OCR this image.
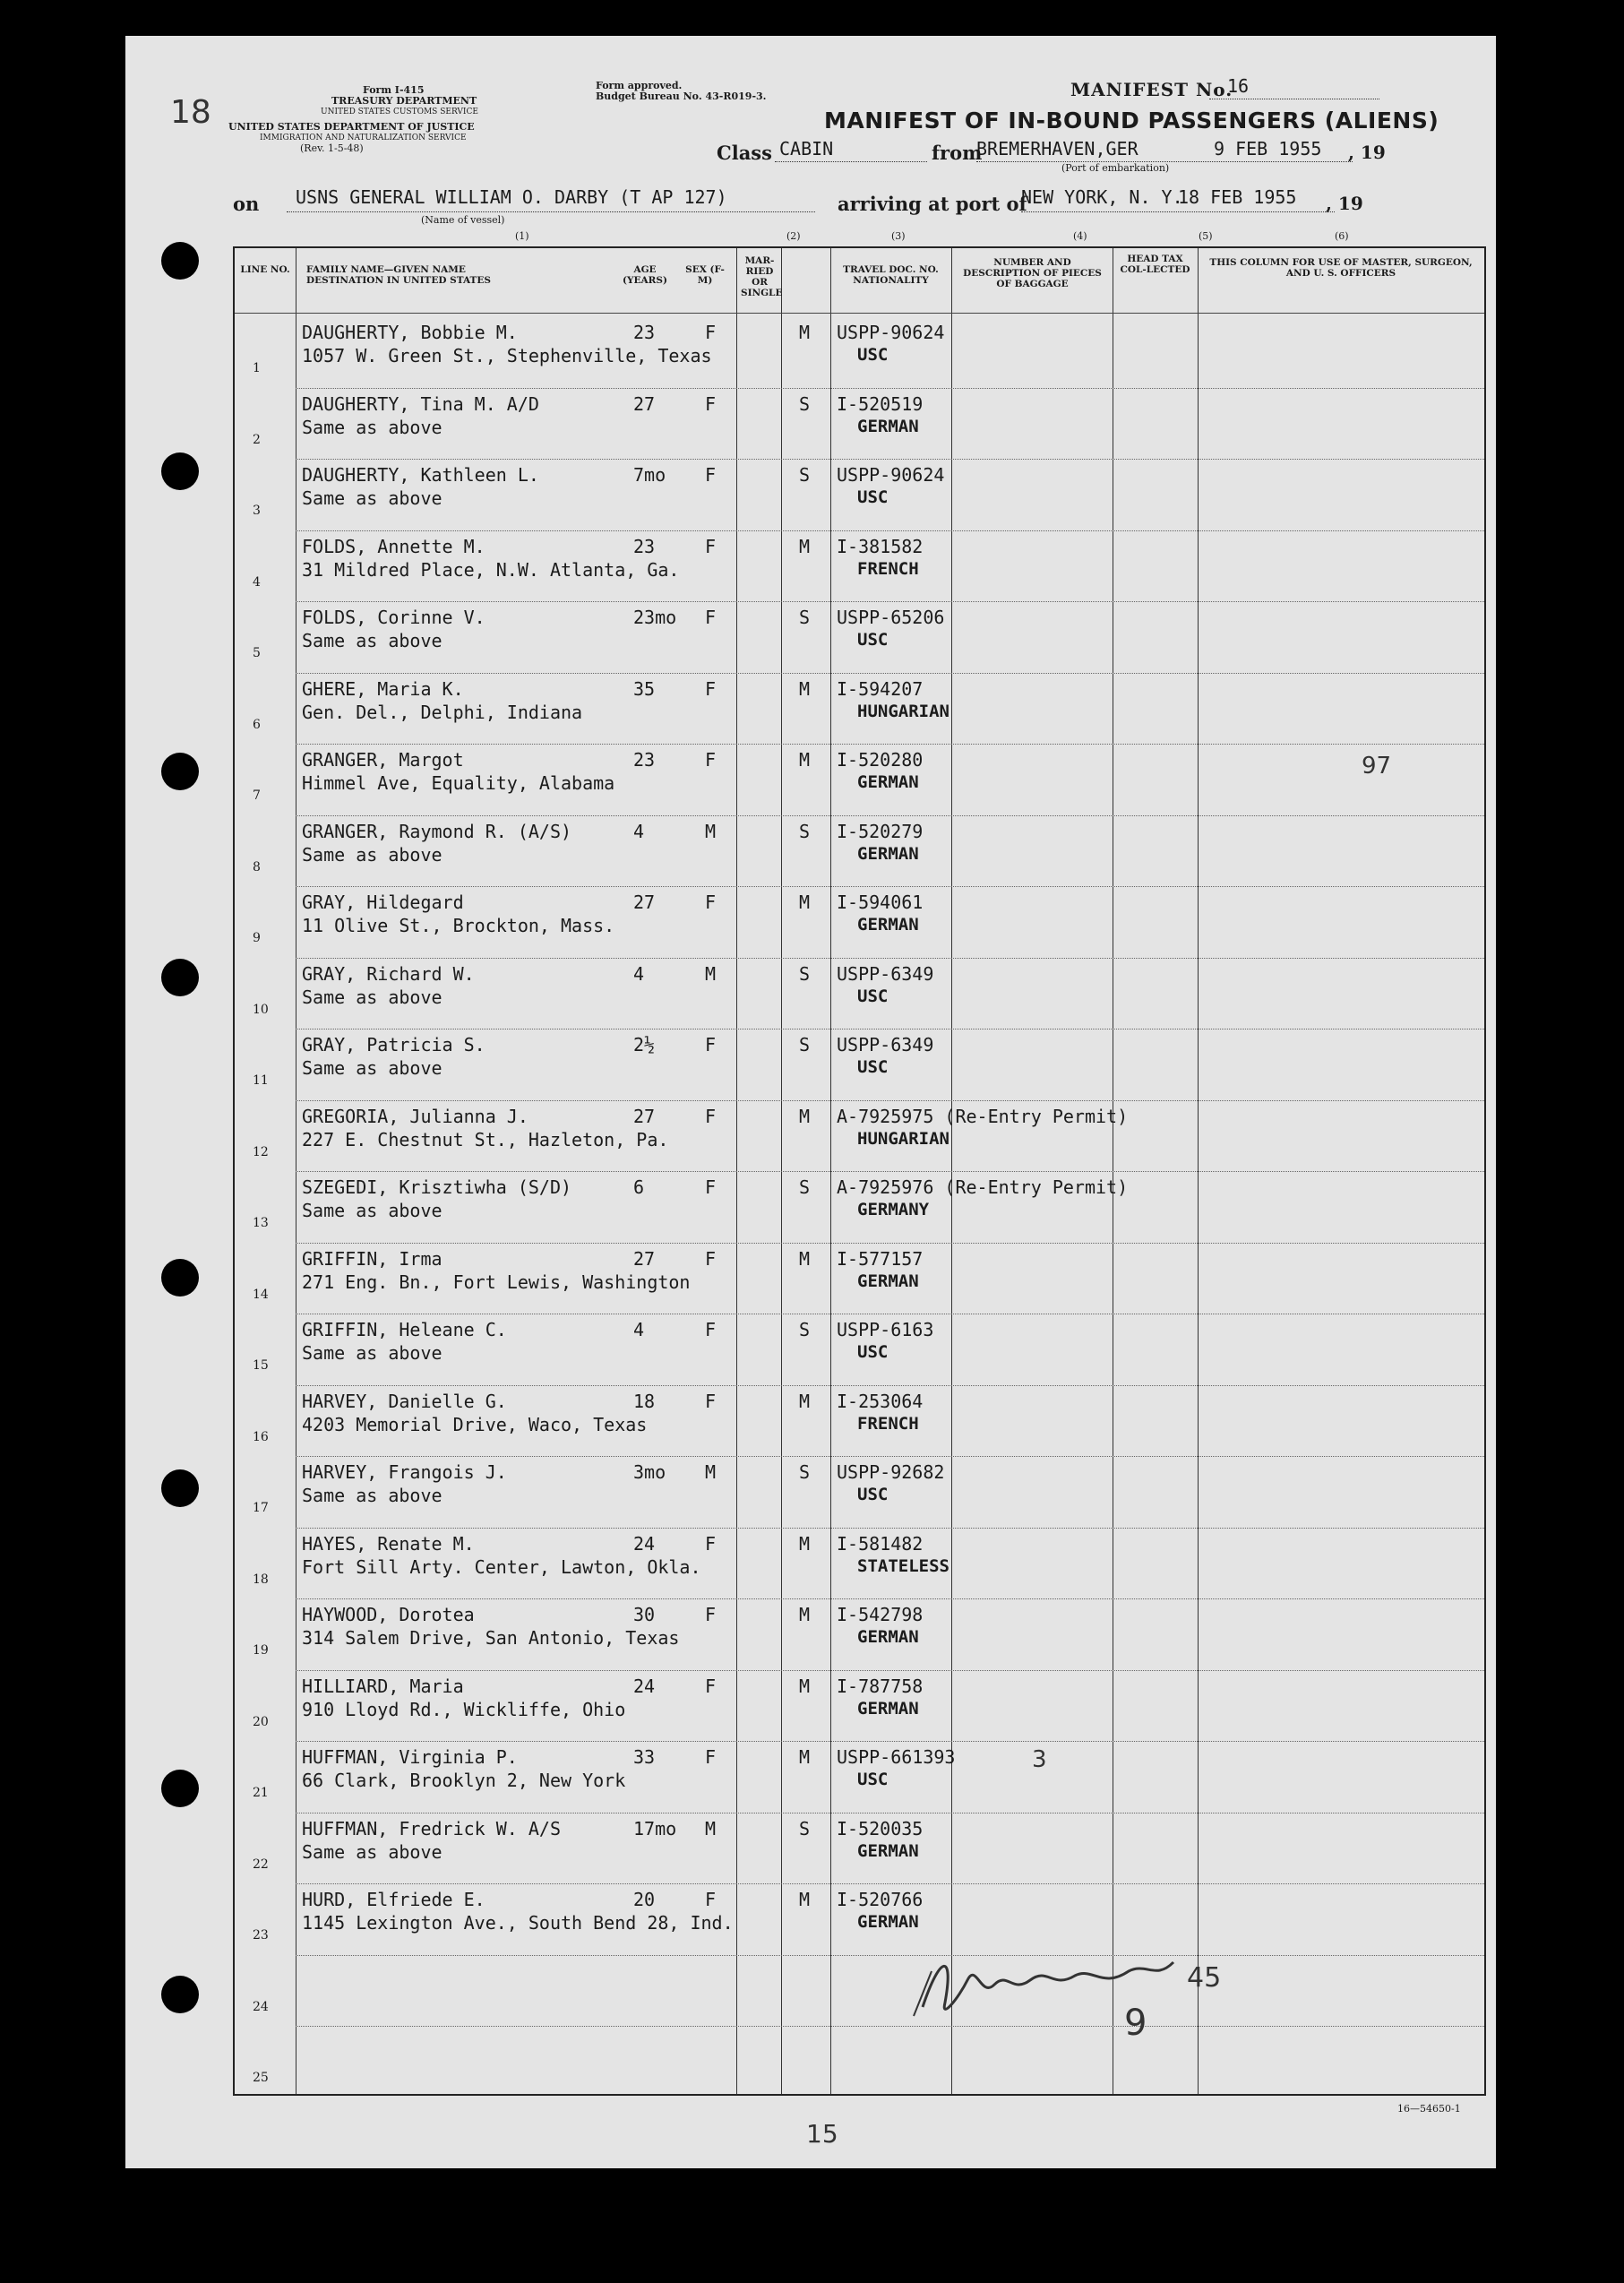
18
Form I-415
TREASURY DEPARTMENT
UNITED STATES CUSTOMS SERVICE
UNITED STATES DEPARTMENT OF JUSTICE
IMMIGRATION AND NATURALIZATION SERVICE
(Rev. 1-5-48)
Form approved.
Budget Bureau No. 43-R019-3.	MANIFEST No.
16
MANIFEST OF IN-BOUND PASSENGERS (ALIENS)
Class CABIN	from
BREMERHAVEN,GER	9 FEB 1955 , 19
(Port of embarkation)
on USNS GENERAL WILLIAM O. DARBY (T AP 127)
(Name of vessel)
arriving at port of
NEW YORK, N. Y.
18 FEB 1955 , 19
(1)	(2)	(3)	(4)	(5)	(6)
LINE NO. FAMILY NAME—GIVEN NAME DESTINATION IN UNITED STATES
AGE (YEARS)
SEX (F-M)
MAR-RIED OR SINGLE
TRAVEL DOC. NO. NATIONALITY
NUMBER AND DESCRIPTION OF PIECES OF BAGGAGE
HEAD TAX COL-LECTED
THIS COLUMN FOR USE OF MASTER, SURGEON, AND U. S. OFFICERS
1
DAUGHERTY, Bobbie M.
1057 W. Green St., Stephenville, Texas
23	F	M USPP-90624
USC
2
DAUGHERTY, Tina M. A/D
Same as above
27	F	S I-520519
GERMAN
3
DAUGHERTY, Kathleen L.
Same as above
7mo F	S USPP-90624
USC
4
FOLDS, Annette M.
31 Mildred Place, N.W. Atlanta, Ga.
23	F	M I-381582
FRENCH
5
FOLDS, Corinne V.
Same as above
23mo F	S USPP-65206
USC
6
GHERE, Maria K.
Gen. Del., Delphi, Indiana
35	F	M I-594207
HUNGARIAN
7
GRANGER, Margot
Himmel Ave, Equality, Alabama
23	F	M I-520280
GERMAN
8
GRANGER, Raymond R. (A/S)
Same as above
4	M	S I-520279
GERMAN
9
GRAY, Hildegard
11 Olive St., Brockton, Mass.
27	F	M I-594061
GERMAN
10
GRAY, Richard W.
Same as above
4	M	S USPP-6349
USC
11
GRAY, Patricia S.
Same as above
2½	F	S USPP-6349
USC
12
GREGORIA, Julianna J.
227 E. Chestnut St., Hazleton, Pa.
27	F	M A-7925975 (Re-Entry Permit)
HUNGARIAN
13
SZEGEDI, Krisztiwha (S/D)
Same as above
6	F	S A-7925976 (Re-Entry Permit)
GERMANY
14
GRIFFIN, Irma
271 Eng. Bn., Fort Lewis, Washington
27	F	M I-577157
GERMAN
15
GRIFFIN, Heleane C.
Same as above
4	F	S USPP-6163
USC
16
HARVEY, Danielle G.
4203 Memorial Drive, Waco, Texas
18	F	M I-253064
FRENCH
17
HARVEY, Frangois J.
Same as above
3mo M	S USPP-92682
USC
18
HAYES, Renate M.
Fort Sill Arty. Center, Lawton, Okla.
24	F	M I-581482
STATELESS
19
HAYWOOD, Dorotea
314 Salem Drive, San Antonio, Texas
30	F	M I-542798
GERMAN
20
HILLIARD, Maria
910 Lloyd Rd., Wickliffe, Ohio
24	F	M I-787758
GERMAN
21
HUFFMAN, Virginia P.
66 Clark, Brooklyn 2, New York
33	F	M USPP-661393
USC
3
22
HUFFMAN, Fredrick W. A/S
Same as above
17mo M	S I-520035
GERMAN
23
HURD, Elfriede E.
1145 Lexington Ave., South Bend 28, Ind.
20	F	M I-520766
GERMAN
24
25
97
45
9
15
16—54650-1
